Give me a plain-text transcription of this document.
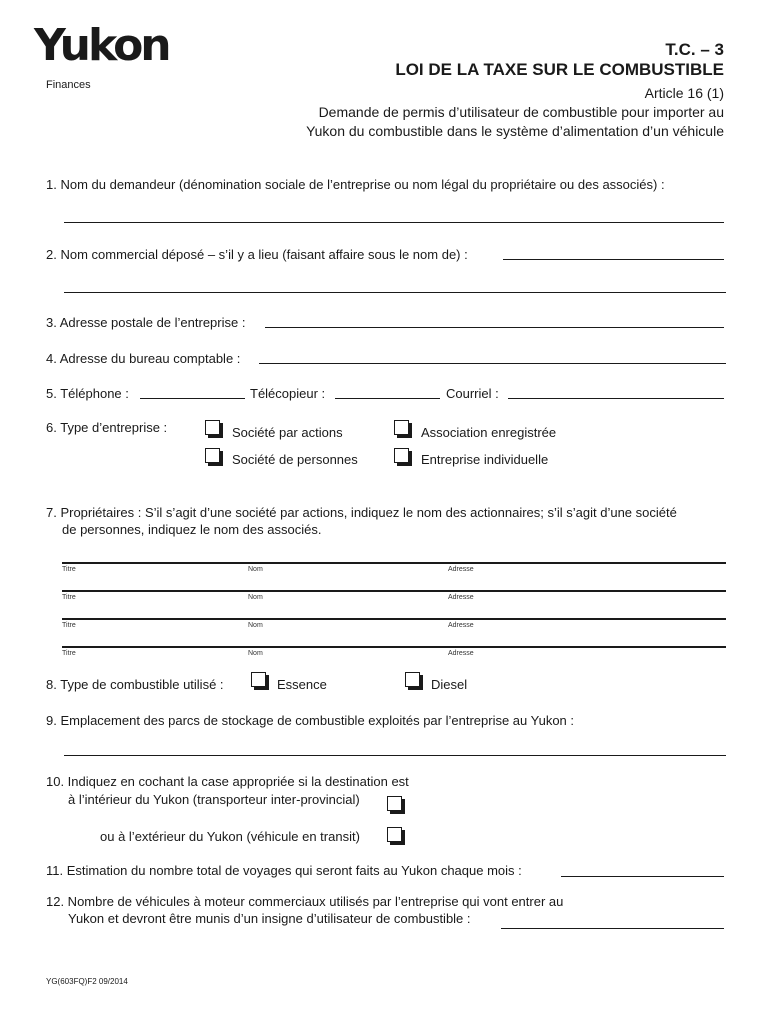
Yukon
Finances
T.C. – 3
LOI DE LA TAXE SUR LE COMBUSTIBLE
Article 16 (1)
Demande de permis d’utilisateur de combustible pour importer au
Yukon du combustible dans le système d’alimentation d’un véhicule
1. Nom du demandeur (dénomination sociale de l’entreprise ou nom légal du propriétaire ou des associés) :
2. Nom commercial déposé – s’il y a lieu (faisant affaire sous le nom de) :
3. Adresse postale de l’entreprise :
4. Adresse du bureau comptable :
5. Téléphone :	Télécopieur :	Courriel :
6. Type d’entreprise :	Société par actions	Association enregistrée
Société de personnes	Entreprise individuelle
7. Propriétaires : S’il s’agit d’une société par actions, indiquez le nom des actionnaires; s’il s’agit d’une société
de personnes, indiquez le nom des associés.
Titre	Nom	Adresse
Titre	Nom	Adresse
Titre	Nom	Adresse
Titre	Nom	Adresse
8. Type de combustible utilisé :	Essence	Diesel
9. Emplacement des parcs de stockage de combustible exploités par l’entreprise au Yukon :
10. Indiquez en cochant la case appropriée si la destination est
à l’intérieur du Yukon (transporteur inter-provincial)
ou à l’extérieur du Yukon (véhicule en transit)
11. Estimation du nombre total de voyages qui seront faits au Yukon chaque mois :
12. Nombre de véhicules à moteur commerciaux utilisés par l’entreprise qui vont entrer au
Yukon et devront être munis d’un insigne d’utilisateur de combustible :
YG(603FQ)F2 09/2014
